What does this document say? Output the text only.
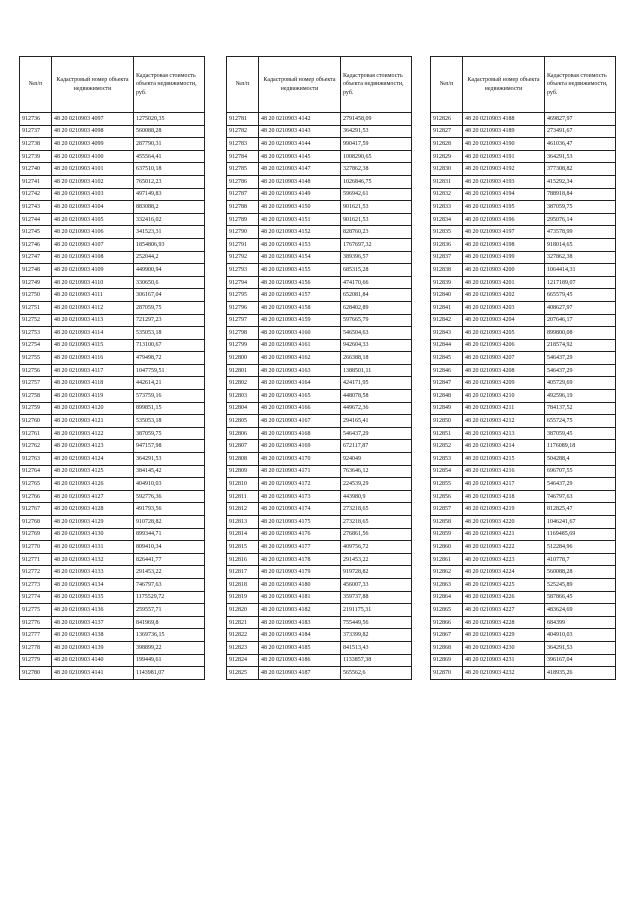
№п/п	Кадастровый номер объекта недвижимости	Кадастровая стоимость объекта недвижимости, руб.
912736	48 20 0210903 4097	1275020,35
912737	48 20 0210903 4098	560088,28
912738	48 20 0210903 4099	287790,31
912739	48 20 0210903 4100	455564,41
912740	48 20 0210903 4101	637510,18
912741	48 20 0210903 4102	765012,23
912742	48 20 0210903 4103	497149,83
912743	48 20 0210903 4104	883088,2
912744	48 20 0210903 4105	332416,02
912745	48 20 0210903 4106	341523,31
912746	48 20 0210903 4107	1854806,93
912747	48 20 0210903 4108	252044,2
912748	48 20 0210903 4109	449900,94
912749	48 20 0210903 4110	330650,6
912750	48 20 0210903 4111	306167,04
912751	48 20 0210903 4112	287059,75
912752	48 20 0210903 4113	721297,23
912753	48 20 0210903 4114	535053,18
912754	48 20 0210903 4115	713100,67
912755	48 20 0210903 4116	479498,72
912756	48 20 0210903 4117	1047759,51
912757	48 20 0210903 4118	442614,21
912758	48 20 0210903 4119	573759,16
912759	48 20 0210903 4120	899851,15
912760	48 20 0210903 4121	535053,18
912761	48 20 0210903 4122	387059,75
912762	48 20 0210903 4123	947157,98
912763	48 20 0210903 4124	364291,53
912764	48 20 0210903 4125	384145,42
912765	48 20 0210903 4126	404910,03
912766	48 20 0210903 4127	592776,36
912767	48 20 0210903 4128	491793,56
912768	48 20 0210903 4129	910728,82
912769	48 20 0210903 4130	899344,71
912770	48 20 0210903 4131	809410,34
912771	48 20 0210903 4132	826441,77
912772	48 20 0210903 4133	291453,22
912773	48 20 0210903 4134	746797,63
912774	48 20 0210903 4135	1175529,72
912775	48 20 0210903 4136	259557,71
912776	48 20 0210903 4137	841969,8
912777	48 20 0210903 4138	1369736,15
912778	48 20 0210903 4139	398899,22
912779	48 20 0210903 4140	199449,61
912780	48 20 0210903 4141	1143981,07
№п/п	Кадастровый номер объекта недвижимости	Кадастровая стоимость объекта недвижимости, руб.
912781	48 20 0210903 4142	2791458,09
912782	48 20 0210903 4143	364291,53
912783	48 20 0210903 4144	990417,59
912784	48 20 0210903 4145	1008290,65
912785	48 20 0210903 4147	327862,38
912786	48 20 0210903 4148	1026846,75
912787	48 20 0210903 4149	596942,61
912788	48 20 0210903 4150	901621,53
912789	48 20 0210903 4151	901621,53
912790	48 20 0210903 4152	828760,23
912791	48 20 0210903 4153	1767697,32
912792	48 20 0210903 4154	389396,57
912793	48 20 0210903 4155	685315,28
912794	48 20 0210903 4156	474170,66
912795	48 20 0210903 4157	652081,84
912796	48 20 0210903 4158	628402,89
912797	48 20 0210903 4159	597665,79
912798	48 20 0210903 4160	546504,63
912799	48 20 0210903 4161	942604,33
912800	48 20 0210903 4162	266388,18
912801	48 20 0210903 4163	1388501,11
912802	48 20 0210903 4164	424171,95
912803	48 20 0210903 4165	448078,58
912804	48 20 0210903 4166	449672,36
912805	48 20 0210903 4167	294165,41
912806	48 20 0210903 4168	546437,29
912807	48 20 0210903 4169	672117,87
912808	48 20 0210903 4170	924049
912809	48 20 0210903 4171	763646,12
912810	48 20 0210903 4172	224539,29
912811	48 20 0210903 4173	443980,9
912812	48 20 0210903 4174	273218,65
912813	48 20 0210903 4175	273218,65
912814	48 20 0210903 4176	276861,56
912815	48 20 0210903 4177	409756,72
912816	48 20 0210903 4178	291453,22
912817	48 20 0210903 4179	919728,82
912818	48 20 0210903 4180	456007,33
912819	48 20 0210903 4181	359737,88
912820	48 20 0210903 4182	2191175,31
912821	48 20 0210903 4183	755449,56
912822	48 20 0210903 4184	373399,82
912823	48 20 0210903 4185	841513,43
912824	48 20 0210903 4186	1133857,38
912825	48 20 0210903 4187	565562,6
№п/п	Кадастровый номер объекта недвижимости	Кадастровая стоимость объекта недвижимости, руб.
912826	48 20 0210903 4188	469827,97
912827	48 20 0210903 4189	273491,67
912828	48 20 0210903 4190	461036,47
912829	48 20 0210903 4191	364291,53
912830	48 20 0210903 4192	377308,82
912831	48 20 0210903 4193	415292,34
912832	48 20 0210903 4194	788918,84
912833	48 20 0210903 4195	387059,75
912834	48 20 0210903 4196	295076,14
912835	48 20 0210903 4197	473578,99
912836	48 20 0210903 4198	918014,65
912837	48 20 0210903 4199	327862,38
912838	48 20 0210903 4200	1064414,31
912839	48 20 0210903 4201	1217189,07
912840	48 20 0210903 4202	665579,45
912841	48 20 0210903 4203	408627,97
912842	48 20 0210903 4204	207646,17
912843	48 20 0210903 4205	899800,08
912844	48 20 0210903 4206	218574,92
912845	48 20 0210903 4207	546437,29
912846	48 20 0210903 4208	546437,29
912847	48 20 0210903 4209	405729,69
912848	48 20 0210903 4210	492596,19
912849	48 20 0210903 4211	784137,52
912850	48 20 0210903 4212	655724,75
912851	48 20 0210903 4213	387059,45
912852	48 20 0210903 4214	1176089,18
912853	48 20 0210903 4215	504288,4
912854	48 20 0210903 4216	696707,55
912855	48 20 0210903 4217	546437,29
912856	48 20 0210903 4218	746797,63
912857	48 20 0210903 4219	812825,47
912858	48 20 0210903 4220	1046241,67
912859	48 20 0210903 4221	1169485,69
912860	48 20 0210903 4222	512284,96
912861	48 20 0210903 4223	410778,7
912862	48 20 0210903 4224	560088,28
912863	48 20 0210903 4225	525245,89
912864	48 20 0210903 4226	587866,45
912865	48 20 0210903 4227	483624,69
912866	48 20 0210903 4228	684399
912867	48 20 0210903 4229	404910,03
912868	48 20 0210903 4230	364291,53
912869	48 20 0210903 4231	396167,04
912870	48 20 0210903 4232	418935,26
